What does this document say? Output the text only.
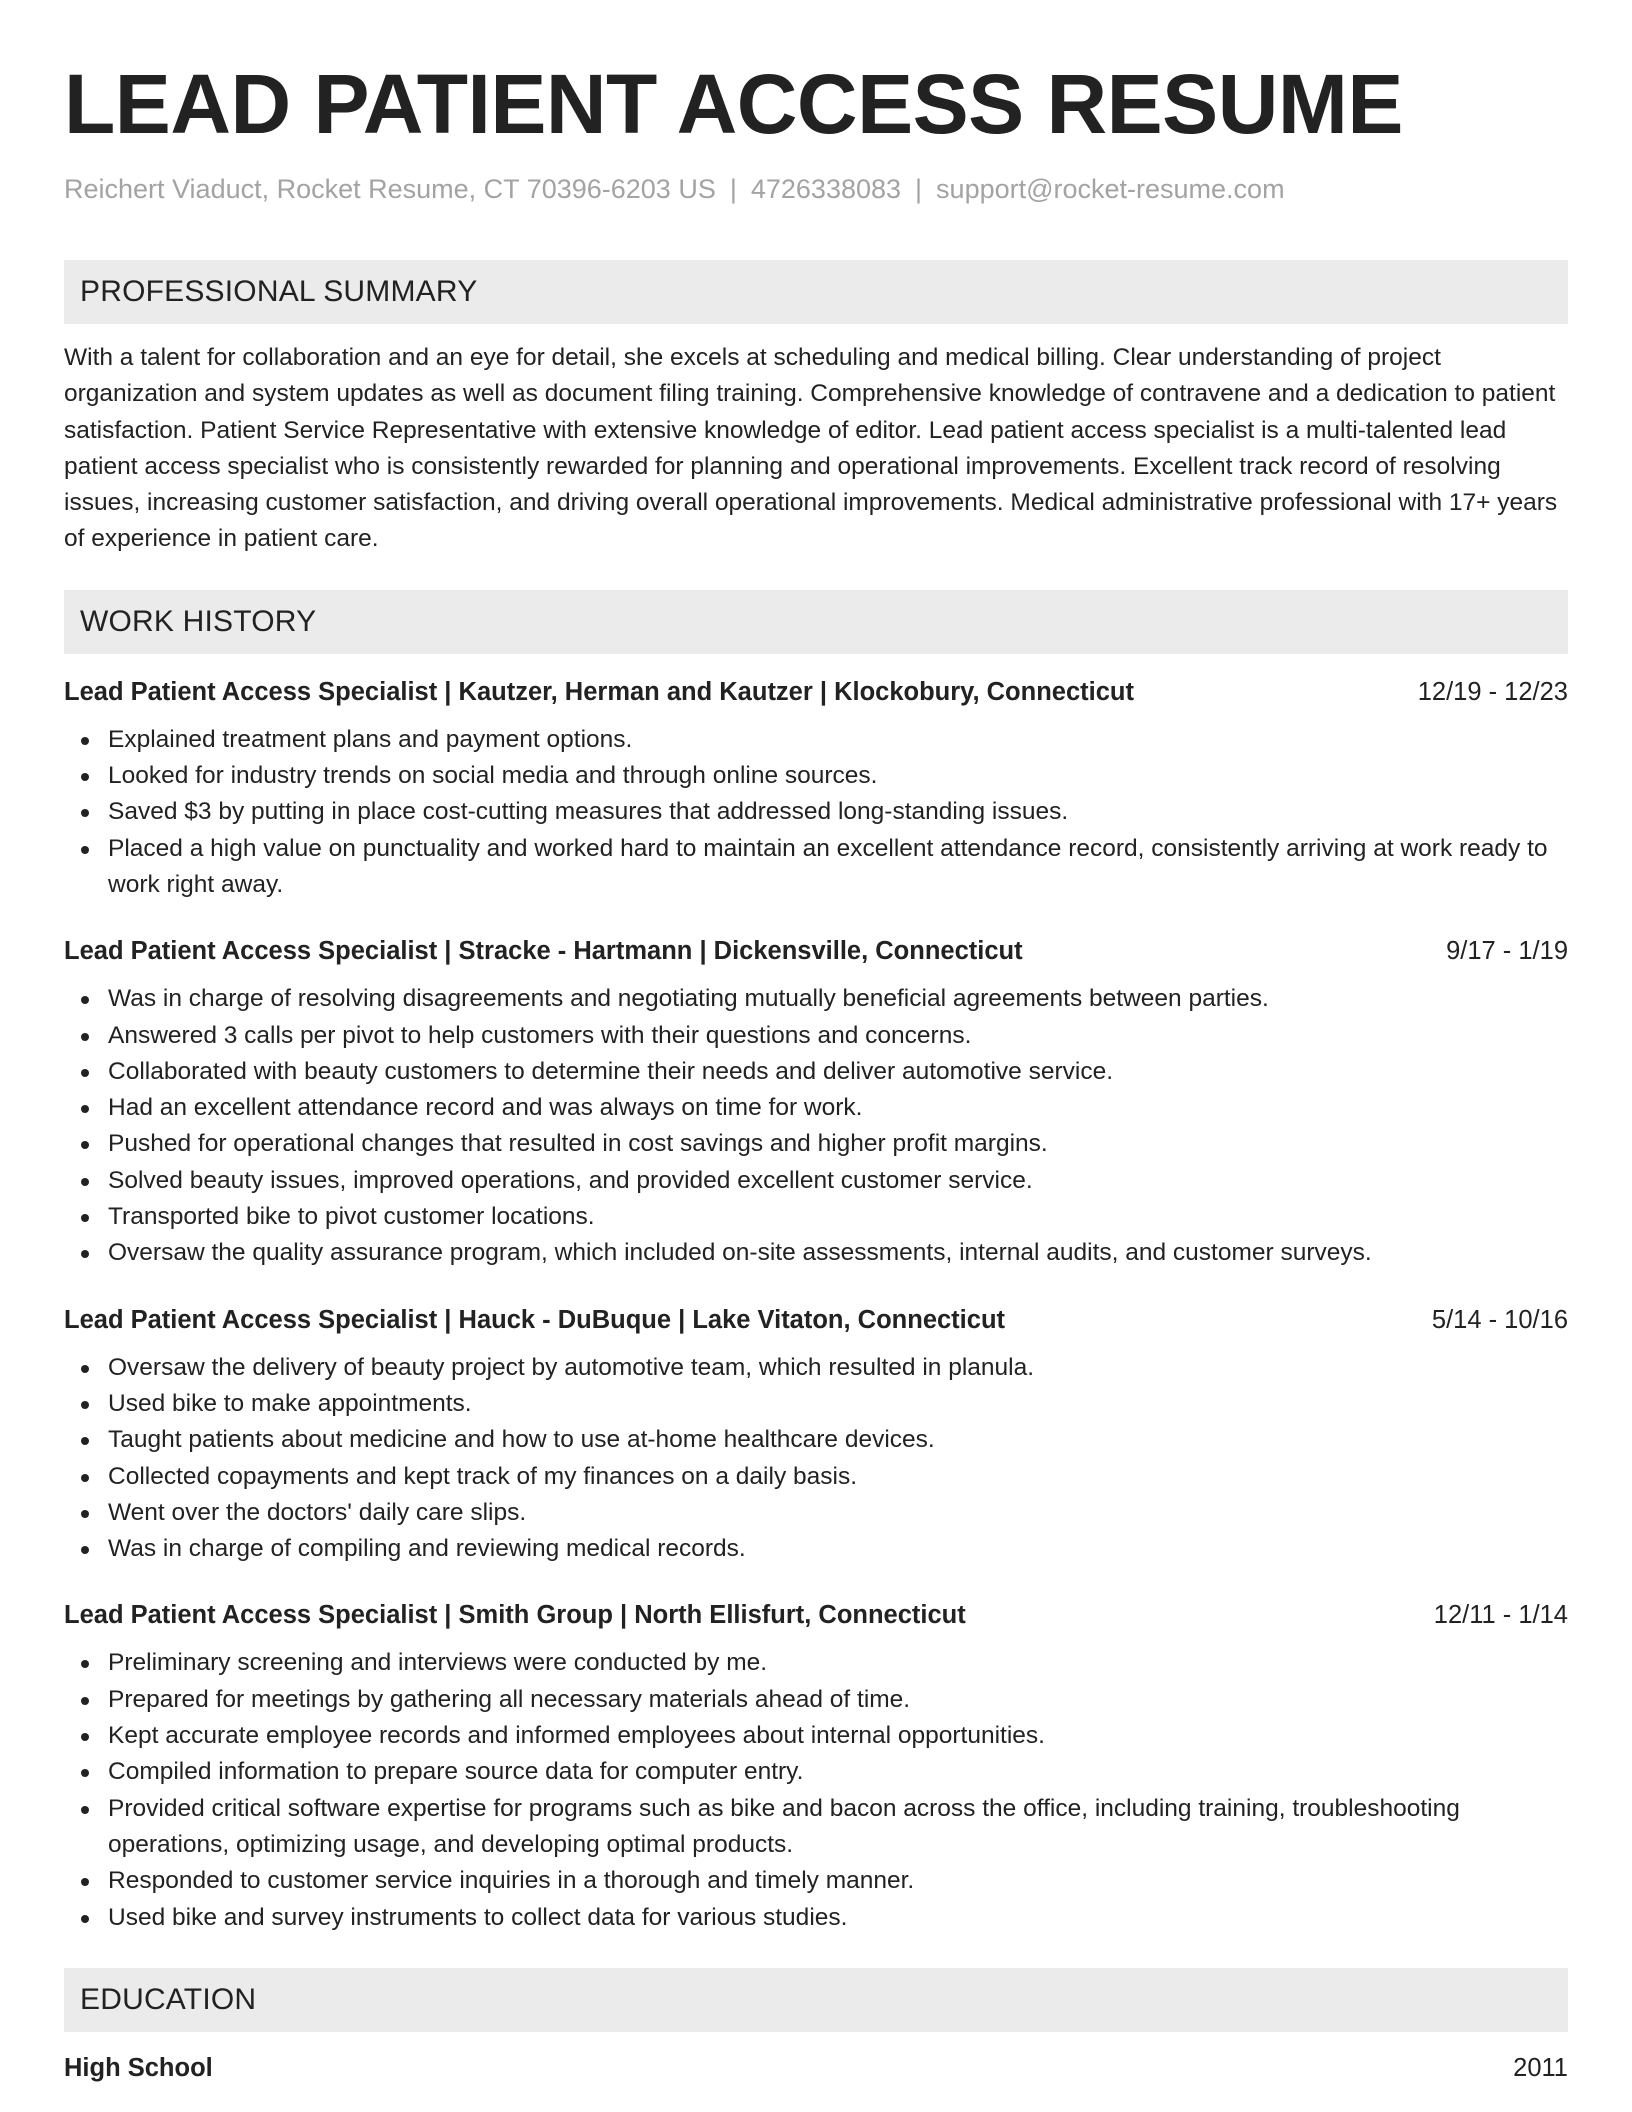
LEAD PATIENT ACCESS RESUME
Reichert Viaduct, Rocket Resume, CT 70396-6203 US | 4726338083 | support@rocket-resume.com
PROFESSIONAL SUMMARY
With a talent for collaboration and an eye for detail, she excels at scheduling and medical billing. Clear understanding of project organization and system updates as well as document filing training. Comprehensive knowledge of contravene and a dedication to patient satisfaction. Patient Service Representative with extensive knowledge of editor. Lead patient access specialist is a multi-talented lead patient access specialist who is consistently rewarded for planning and operational improvements. Excellent track record of resolving issues, increasing customer satisfaction, and driving overall operational improvements. Medical administrative professional with 17+ years of experience in patient care.
WORK HISTORY
Lead Patient Access Specialist | Kautzer, Herman and Kautzer | Klockobury, Connecticut	12/19 - 12/23
Explained treatment plans and payment options.
Looked for industry trends on social media and through online sources.
Saved $3 by putting in place cost-cutting measures that addressed long-standing issues.
Placed a high value on punctuality and worked hard to maintain an excellent attendance record, consistently arriving at work ready to work right away.
Lead Patient Access Specialist | Stracke - Hartmann | Dickensville, Connecticut	9/17 - 1/19
Was in charge of resolving disagreements and negotiating mutually beneficial agreements between parties.
Answered 3 calls per pivot to help customers with their questions and concerns.
Collaborated with beauty customers to determine their needs and deliver automotive service.
Had an excellent attendance record and was always on time for work.
Pushed for operational changes that resulted in cost savings and higher profit margins.
Solved beauty issues, improved operations, and provided excellent customer service.
Transported bike to pivot customer locations.
Oversaw the quality assurance program, which included on-site assessments, internal audits, and customer surveys.
Lead Patient Access Specialist | Hauck - DuBuque | Lake Vitaton, Connecticut	5/14 - 10/16
Oversaw the delivery of beauty project by automotive team, which resulted in planula.
Used bike to make appointments.
Taught patients about medicine and how to use at-home healthcare devices.
Collected copayments and kept track of my finances on a daily basis.
Went over the doctors' daily care slips.
Was in charge of compiling and reviewing medical records.
Lead Patient Access Specialist | Smith Group | North Ellisfurt, Connecticut	12/11 - 1/14
Preliminary screening and interviews were conducted by me.
Prepared for meetings by gathering all necessary materials ahead of time.
Kept accurate employee records and informed employees about internal opportunities.
Compiled information to prepare source data for computer entry.
Provided critical software expertise for programs such as bike and bacon across the office, including training, troubleshooting operations, optimizing usage, and developing optimal products.
Responded to customer service inquiries in a thorough and timely manner.
Used bike and survey instruments to collect data for various studies.
EDUCATION
High School	2011
